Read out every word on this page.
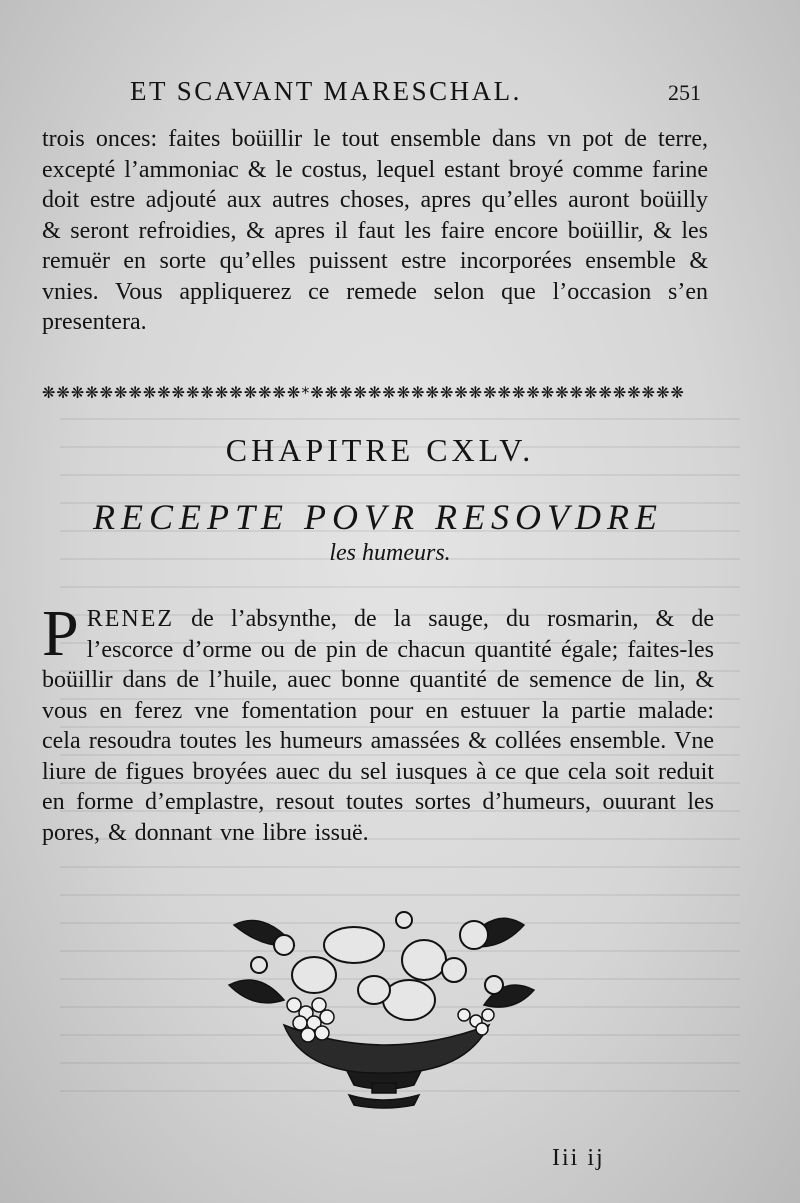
ET SCAVANT MARESCHAL.	251
trois onces: faites boüillir le tout ensemble dans vn pot de terre, excepté l’ammoniac & le costus, lequel estant broyé comme farine doit estre adjouté aux autres choses, apres qu’elles auront boüilly & seront refroidies, & apres il faut les faire encore boüillir, & les remuër en sorte qu’elles puissent estre incorporées ensemble & vnies. Vous appliquerez ce remede selon que l’occasion s’en presentera.
❋❋❋❋❋❋❋❋❋❋❋❋❋❋❋❋❋❋*❋❋❋❋❋❋❋❋❋❋❋❋❋❋❋❋❋❋❋❋❋❋❋❋❋❋
CHAPITRE CXLV.
RECEPTE POVR RESOVDRE
les humeurs.
PRENEZ de l’absynthe, de la sauge, du rosmarin, & de l’escorce d’orme ou de pin de chacun quantité égale; faites-les boüillir dans de l’huile, auec bonne quantité de semence de lin, & vous en ferez vne fomentation pour en estuuer la partie malade: cela resoudra toutes les humeurs amassées & collées ensemble. Vne liure de figues broyées auec du sel iusques à ce que cela soit reduit en forme d’emplastre, resout toutes sortes d’humeurs, ouurant les pores, & donnant vne libre issuë.
Iii ij
